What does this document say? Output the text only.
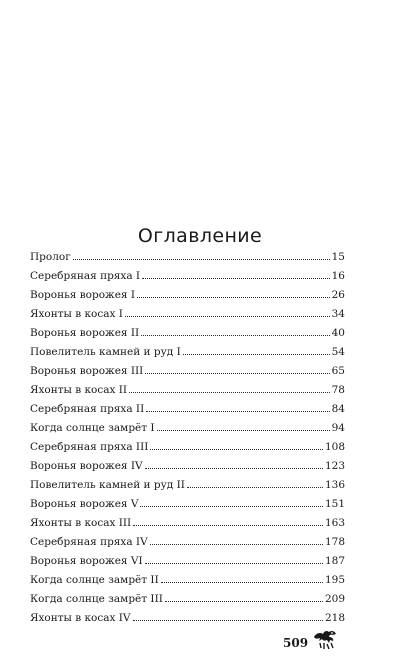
Оглавление
Пролог	15
Серебряная пряха I	16
Воронья ворожея I	26
Яхонты в косах I	34
Воронья ворожея II	40
Повелитель камней и руд I	54
Воронья ворожея III	65
Яхонты в косах II	78
Серебряная пряха II	84
Когда солнце замрёт I	94
Серебряная пряха III	108
Воронья ворожея IV	123
Повелитель камней и руд II	136
Воронья ворожея V	151
Яхонты в косах III	163
Серебряная пряха IV	178
Воронья ворожея VI	187
Когда солнце замрёт II	195
Когда солнце замрёт III	209
Яхонты в косах IV	218
509
